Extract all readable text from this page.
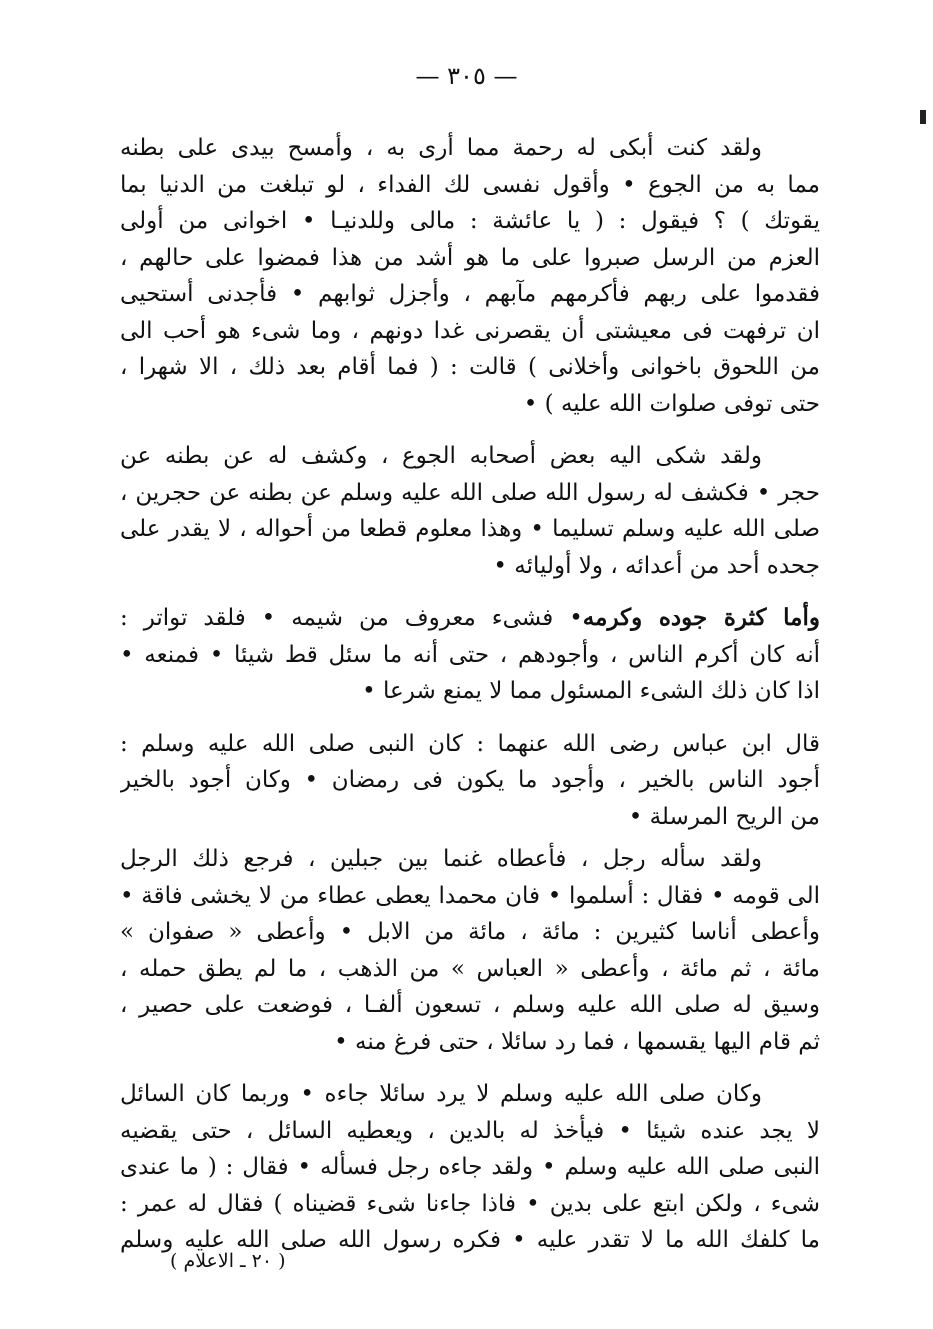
— ٣٠٥ —
ولقد كنت أبكى له رحمة مما أرى به ، وأمسح بيدى على بطنه
مما به من الجوع • وأقول نفسى لك الفداء ، لو تبلغت من الدنيا بما
يقوتك ) ؟ فيقول : ( يا عائشة : مالى وللدنيـا • اخوانى من أولى
العزم من الرسل صبروا على ما هو أشد من هذا فمضوا على حالهم ،
فقدموا على ربهم فأكرمهم مآبهم ، وأجزل ثوابهم • فأجدنى أستحيى
ان ترفهت فى معيشتى أن يقصرنى غدا دونهم ، وما شىء هو أحب الى
من اللحوق باخوانى وأخلانى ) قالت : ( فما أقام بعد ذلك ، الا شهرا ،
حتى توفى صلوات الله عليه ) •
ولقد شكى اليه بعض أصحابه الجوع ، وكشف له عن بطنه عن
حجر • فكشف له رسول الله صلى الله عليه وسلم عن بطنه عن حجرين ،
صلى الله عليه وسلم تسليما • وهذا معلوم قطعا من أحواله ، لا يقدر على
جحده أحد من أعدائه ، ولا أوليائه •
وأما كثرة جوده وكرمه• فشىء معروف من شيمه • فلقد تواتر :
أنه كان أكرم الناس ، وأجودهم ، حتى أنه ما سئل قط شيئا • فمنعه •
اذا كان ذلك الشىء المسئول مما لا يمنع شرعا •
قال ابن عباس رضى الله عنهما : كان النبى صلى الله عليه وسلم :
أجود الناس بالخير ، وأجود ما يكون فى رمضان • وكان أجود بالخير
من الريح المرسلة •
ولقد سأله رجل ، فأعطاه غنما بين جبلين ، فرجع ذلك الرجل
الى قومه • فقال : أسلموا • فان محمدا يعطى عطاء من لا يخشى فاقة •
وأعطى أناسا كثيرين : مائة ، مائة من الابل • وأعطى « صفوان »
مائة ، ثم مائة ، وأعطى « العباس » من الذهب ، ما لم يطق حمله ،
وسيق له صلى الله عليه وسلم ، تسعون ألفـا ، فوضعت على حصير ،
ثم قام اليها يقسمها ، فما رد سائلا ، حتى فرغ منه •
وكان صلى الله عليه وسلم لا يرد سائلا جاءه • وربما كان السائل
لا يجد عنده شيئا • فيأخذ له بالدين ، ويعطيه السائل ، حتى يقضيه
النبى صلى الله عليه وسلم • ولقد جاءه رجل فسأله • فقال : ( ما عندى
شىء ، ولكن ابتع على بدين • فاذا جاءنا شىء قضيناه ) فقال له عمر :
ما كلفك الله ما لا تقدر عليه • فكره رسول الله صلى الله عليه وسلم
( ٢٠ ـ الاعلام )
